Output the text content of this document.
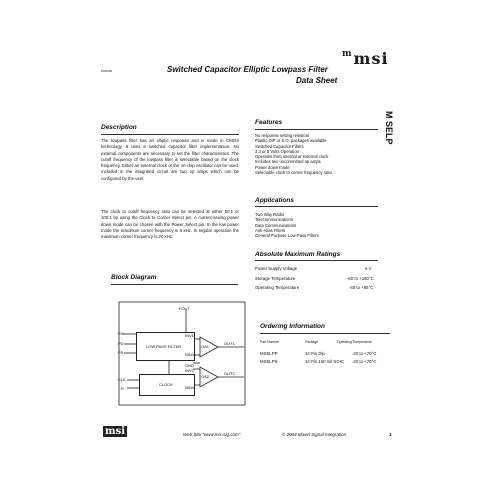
$^m$msi
MS0000	Switched Capacitor Elliptic Lowpass Filter
Data Sheet
M SELP
Description
The lowpass filter has an elliptic response and is made in CMOS technology. It uses a switched capacitor filter implementation. No external components are necessary to set the filter characteristics. The cutoff frequency of the lowpass filter is selectable based on the clock frequency. Either an external clock or the on-chip oscillator can be used. Included in the integrated circuit are two op amps which can be configured by the user.
The clock to cutoff frequency ratio can be selected at either 50:1 or 100:1 by using the Clock to Corner Select pin. A current-saving power down mode can be chosen with the Power Select pin. In the low power mode the maximum corner frequency is 5 kHz. In regular operation the maximum corner frequency is 20 kHz.
Features
No response setting resistors
Plastic DIP or S.O. packages available
Switched Capacitor Filters
3.3 or 5 Volts Operation
Operates from internal or external clock
Includes two uncommitted op amps
Power down mode
Selectable clock to corner frequency ratio
Applications
Two Way Radio
Telecommunications
Data Communications
Anti-Alias Filters
General Purpose Low-Pass Filters
Absolute Maximum Ratings
Power Supply Voltage	6 V
Storage Temperature	-60 to +150°C
Operating Temperature	-40 to +85°C
Block Diagram
LOW PASS FILTER
CLOCK
FOUT
FIN
PD
PS
CLK
R
INV1
NINV
GND
INV2
NINV
OA1
OA2
OUT1
OUT2
Ordering Information
Part Number	Package	Operating Temperature
MSELPP	14 Pin Dip	-20 to +70°C
MSELPS	14 Pin 150 mil SOIC -20 to +70°C
msi	Web Site "www.mix-sig.com"	© 2004 Mixed Signal Integration	1
